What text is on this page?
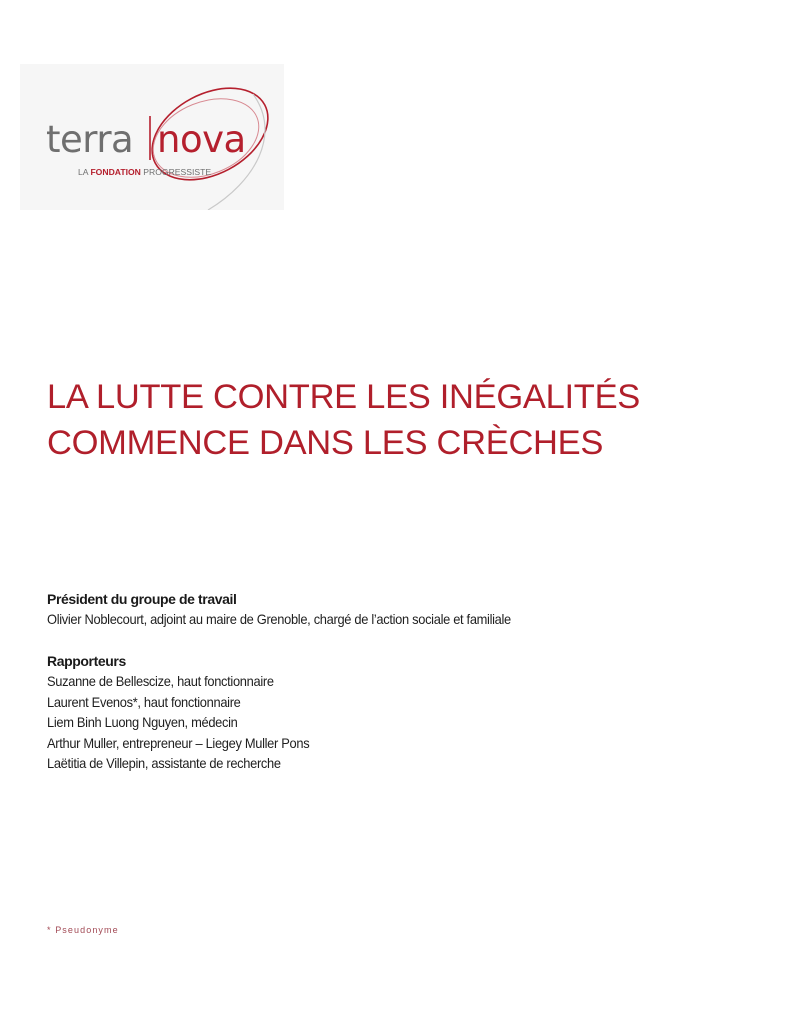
terra nova
LA FONDATION PROGRESSISTE
LA LUTTE CONTRE LES INÉGALITÉS
COMMENCE DANS LES CRÈCHES
Président du groupe de travail
Olivier Noblecourt, adjoint au maire de Grenoble, chargé de l’action sociale et familiale
Rapporteurs
Suzanne de Bellescize, haut fonctionnaire
Laurent Evenos*, haut fonctionnaire
Liem Binh Luong Nguyen, médecin
Arthur Muller, entrepreneur – Liegey Muller Pons
Laëtitia de Villepin, assistante de recherche
* Pseudonyme
